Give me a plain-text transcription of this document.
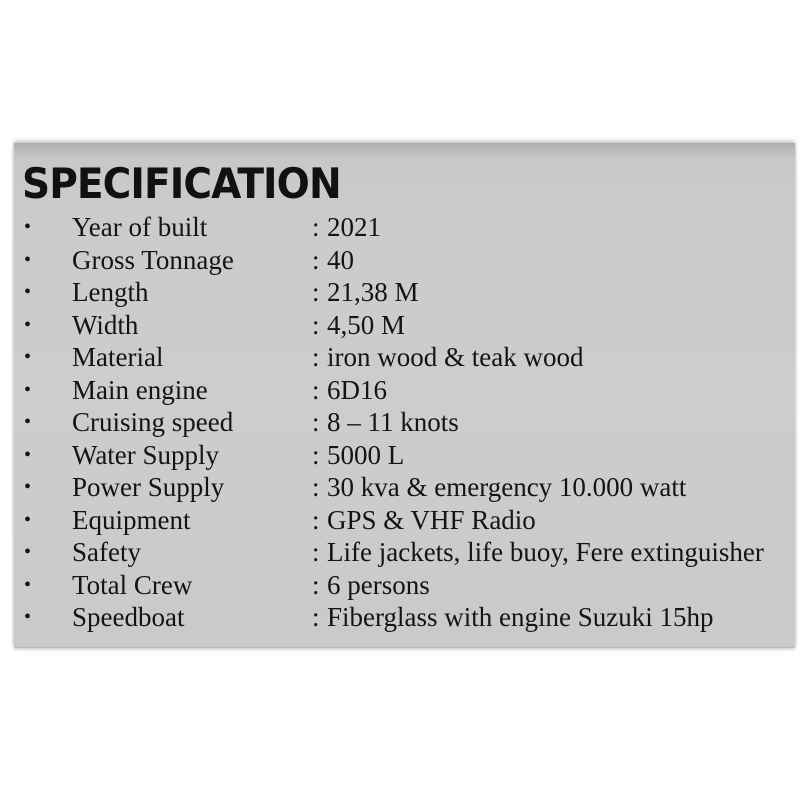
SPECIFICATION
• Year of built	: 2021
• Gross Tonnage	: 40
• Length	: 21,38 M
• Width	: 4,50 M
• Material	: iron wood & teak wood
• Main engine	: 6D16
• Cruising speed	: 8 – 11 knots
• Water Supply	: 5000 L
• Power Supply	: 30 kva & emergency 10.000 watt
• Equipment	: GPS & VHF Radio
• Safety	: Life jackets, life buoy, Fere extinguisher
• Total Crew	: 6 persons
• Speedboat	: Fiberglass with engine Suzuki 15hp
